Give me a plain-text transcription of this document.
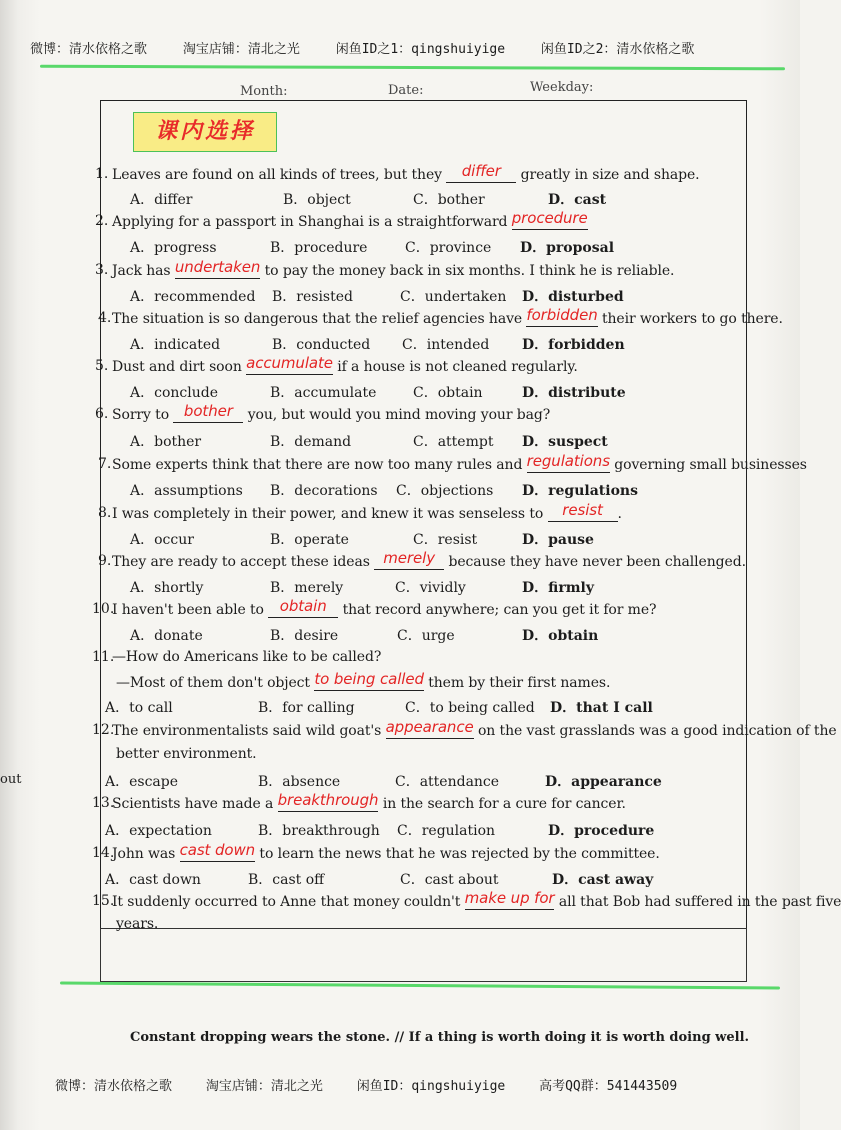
微博：清水依格之歌	淘宝店铺：清北之光	闲鱼ID之1：qingshuiyige	闲鱼ID之2：清水依格之歌
Month:	Date:	Weekday:
课内选择
out
Leaves are found on all kinds of trees, but they differ greatly in size and shape.
1.
A．differ	B．object	C．bother	D．cast
Applying for a passport in Shanghai is a straightforward procedure
2.
A．progress	B．procedure	C．province D．proposal
Jack has undertaken to pay the money back in six months. I think he is reliable.
3.
A．recommended B．resisted	C．undertaken D．disturbed
The situation is so dangerous that the relief agencies have forbidden their workers to go there.
4.
A．indicated	B．conducted C．intended D．forbidden
Dust and dirt soon accumulate if a house is not cleaned regularly.
5.
A．conclude	B．accumulate	C．obtain	D．distribute
Sorry to bother you, but would you mind moving your bag?
6.
A．bother	B．demand	C．attempt D．suspect
Some experts think that there are now too many rules and regulations governing small businesses
7.
A．assumptions B．decorations C．objections D．regulations
I was completely in their power, and knew it was senseless to resist .
8.
A．occur	B．operate	C．resist	D．pause
They are ready to accept these ideas merely because they have never been challenged.
9.
A．shortly	B．merely	C．vividly	D．firmly
I haven't been able to obtain that record anywhere; can you get it for me?
10.
A．donate	B．desire	C．urge	D．obtain
—How do Americans like to be called?
11.
A．to call	B．for calling	C．to being called D．that I call
—Most of them don't object to being called them by their first names.
The environmentalists said wild goat's appearance on the vast grasslands was a good indication of the
12.
A．escape	B．absence	C．attendance	D．appearance
better environment.
Scientists have made a breakthrough in the search for a cure for cancer.
13.
A．expectation	B．breakthrough C．regulation	D．procedure
John was cast down to learn the news that he was rejected by the committee.
14.
A．cast down	B．cast off	C．cast about	D．cast away
It suddenly occurred to Anne that money couldn't make up for all that Bob had suffered in the past five
15.
years.
Constant dropping wears the stone. // If a thing is worth doing it is worth doing well.
微博：清水依格之歌	淘宝店铺：清北之光	闲鱼ID：qingshuiyige	高考QQ群：541443509
